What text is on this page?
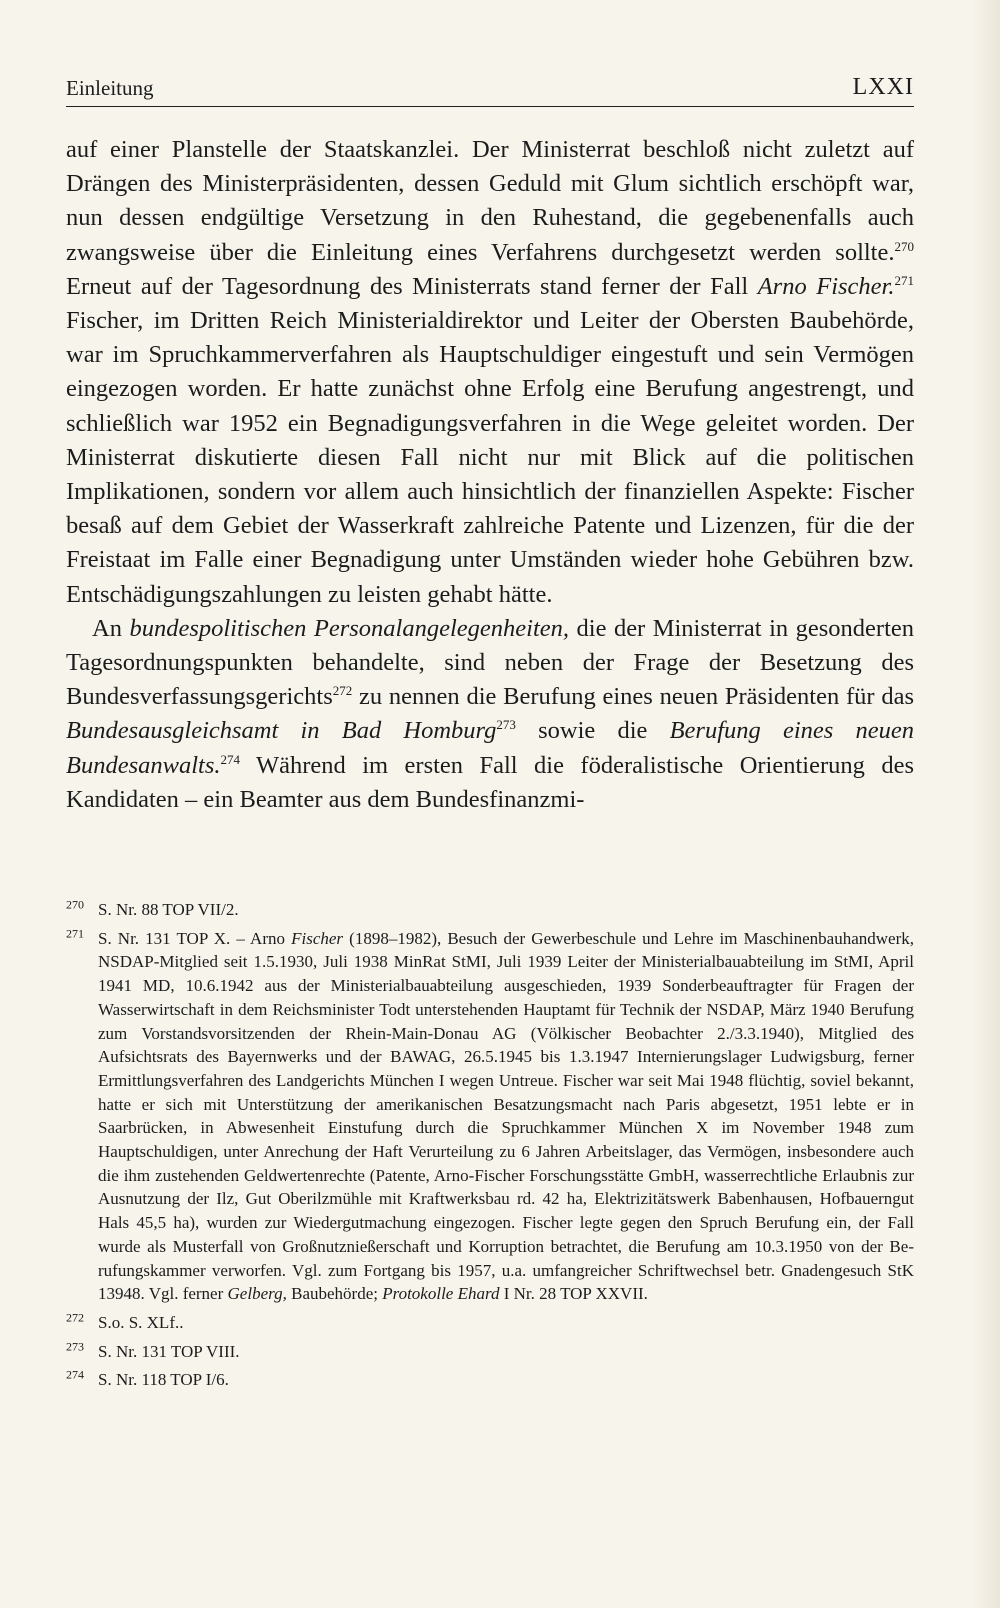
Einleitung	LXXI

auf einer Planstelle der Staatskanzlei. Der Ministerrat beschloß nicht zuletzt auf Drängen des Ministerpräsidenten, dessen Geduld mit Glum sichtlich erschöpft war, nun dessen endgültige Versetzung in den Ruhestand, die gegebenenfalls auch zwangsweise über die Einleitung eines Verfahrens durchgesetzt werden sollte.$^{270}$ Erneut auf der Tagesordnung des Ministerrats stand ferner der Fall Arno Fischer.$^{271}$ Fischer, im Dritten Reich Ministerialdirektor und Leiter der Obersten Baubehörde, war im Spruchkammerverfahren als Hauptschuldiger eingestuft und sein Vermögen eingezogen worden. Er hatte zunächst ohne Erfolg eine Berufung angestrengt, und schließlich war 1952 ein Begnadigungsverfahren in die Wege geleitet worden. Der Ministerrat diskutierte diesen Fall nicht nur mit Blick auf die politischen Implikationen, sondern vor allem auch hinsichtlich der finanziellen Aspekte: Fischer besaß auf dem Gebiet der Wasserkraft zahlreiche Patente und Lizenzen, für die der Freistaat im Falle einer Begnadigung unter Umständen wieder hohe Gebühren bzw. Entschädigungszahlungen zu leisten gehabt hätte.

An bundespolitischen Personalangelegenheiten, die der Ministerrat in gesonderten Tagesordnungspunkten behandelte, sind neben der Frage der Besetzung des Bundesverfassungsgerichts$^{272}$ zu nennen die Berufung eines neuen Präsidenten für das Bundesausgleichsamt in Bad Homburg$^{273}$ sowie die Berufung eines neuen Bundesanwalts.$^{274}$ Während im ersten Fall die föderalistische Orientierung des Kandidaten – ein Beamter aus dem Bundesfinanzmi-

$^{270}$ S. Nr. 88 TOP VII/2.
$^{271}$ S. Nr. 131 TOP X. – Arno Fischer (1898–1982), Besuch der Gewerbeschule und Lehre im Maschinenbauhandwerk, NSDAP-Mitglied seit 1.5.1930, Juli 1938 MinRat StMI, Juli 1939 Leiter der Ministerialbauabteilung im StMI, April 1941 MD, 10.6.1942 aus der Ministerialbauabteilung ausgeschieden, 1939 Sonderbeauftragter für Fragen der Wasserwirtschaft in dem Reichsminister Todt unterstehenden Hauptamt für Technik der NSDAP, März 1940 Berufung zum Vorstandsvorsitzenden der Rhein-Main-Donau AG (Völkischer Beobachter 2./3.3.1940), Mitglied des Aufsichtsrats des Bayernwerks und der BAWAG, 26.5.1945 bis 1.3.1947 Internierungslager Ludwigsburg, ferner Ermittlungsverfahren des Landgerichts München I wegen Untreue. Fischer war seit Mai 1948 flüchtig, soviel bekannt, hatte er sich mit Unterstützung der amerikanischen Besatzungsmacht nach Paris abgesetzt, 1951 lebte er in Saarbrücken, in Abwesenheit Einstufung durch die Spruchkammer München X im November 1948 zum Hauptschuldigen, unter Anrechung der Haft Verurteilung zu 6 Jahren Arbeitslager, das Vermögen, insbesondere auch die ihm zustehenden Geldwertenrechte (Patente, Arno-Fischer Forschungsstätte GmbH, wasserrechtliche Erlaubnis zur Ausnutzung der Ilz, Gut Oberilzmühle mit Kraftwerksbau rd. 42 ha, Elektrizitätswerk Babenhausen, Hofbauerngut Hals 45,5 ha), wurden zur Wiedergutmachung eingezogen. Fischer legte gegen den Spruch Berufung ein, der Fall wurde als Musterfall von Großnutznießerschaft und Korruption betrachtet, die Berufung am 10.3.1950 von der Berufungskammer verworfen. Vgl. zum Fortgang bis 1957, u.a. umfangreicher Schriftwechsel betr. Gnadengesuch StK 13948. Vgl. ferner Gelberg, Baubehörde; Protokolle Ehard I Nr. 28 TOP XXVII.
$^{272}$ S.o. S. XLf..
$^{273}$ S. Nr. 131 TOP VIII.
$^{274}$ S. Nr. 118 TOP I/6.
